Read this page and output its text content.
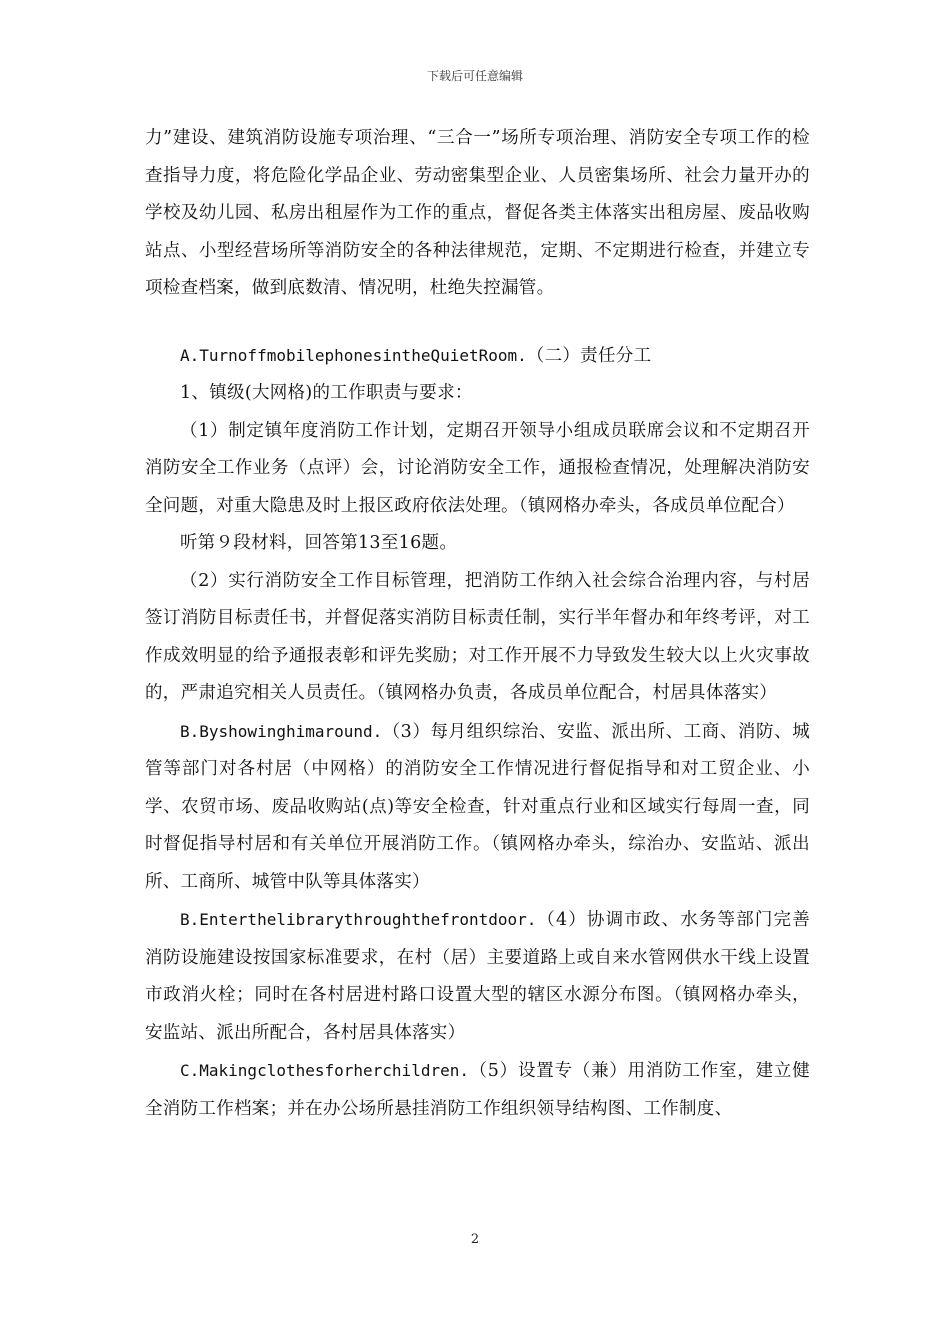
下载后可任意编辑

力”建设、建筑消防设施专项治理、“三合一”场所专项治理、消防安全专项工作的检查指导力度，将危险化学品企业、劳动密集型企业、人员密集场所、社会力量开办的学校及幼儿园、私房出租屋作为工作的重点，督促各类主体落实出租房屋、废品收购站点、小型经营场所等消防安全的各种法律规范，定期、不定期进行检查，并建立专项检查档案，做到底数清、情况明，杜绝失控漏管。

A.TurnoffmobilephonesintheQuietRoom.（二）责任分工

1、镇级(大网格)的工作职责与要求：

（1）制定镇年度消防工作计划，定期召开领导小组成员联席会议和不定期召开消防安全工作业务（点评）会，讨论消防安全工作，通报检查情况，处理解决消防安全问题，对重大隐患及时上报区政府依法处理。（镇网格办牵头，各成员单位配合）

听第９段材料，回答第13至16题。

（2）实行消防安全工作目标管理，把消防工作纳入社会综合治理内容，与村居签订消防目标责任书，并督促落实消防目标责任制，实行半年督办和年终考评，对工作成效明显的给予通报表彰和评先奖励；对工作开展不力导致发生较大以上火灾事故的，严肃追究相关人员责任。（镇网格办负责，各成员单位配合，村居具体落实）

B.Byshowinghimaround.（3）每月组织综治、安监、派出所、工商、消防、城管等部门对各村居（中网格）的消防安全工作情况进行督促指导和对工贸企业、小学、农贸市场、废品收购站(点)等安全检查，针对重点行业和区域实行每周一查，同时督促指导村居和有关单位开展消防工作。（镇网格办牵头，综治办、安监站、派出所、工商所、城管中队等具体落实）

B.Enterthelibrarythroughthefrontdoor.（4）协调市政、水务等部门完善消防设施建设按国家标准要求，在村（居）主要道路上或自来水管网供水干线上设置市政消火栓；同时在各村居进村路口设置大型的辖区水源分布图。（镇网格办牵头，安监站、派出所配合，各村居具体落实）

C.Makingclothesforherchildren.（5）设置专（兼）用消防工作室，建立健全消防工作档案；并在办公场所悬挂消防工作组织领导结构图、工作制度、

2
